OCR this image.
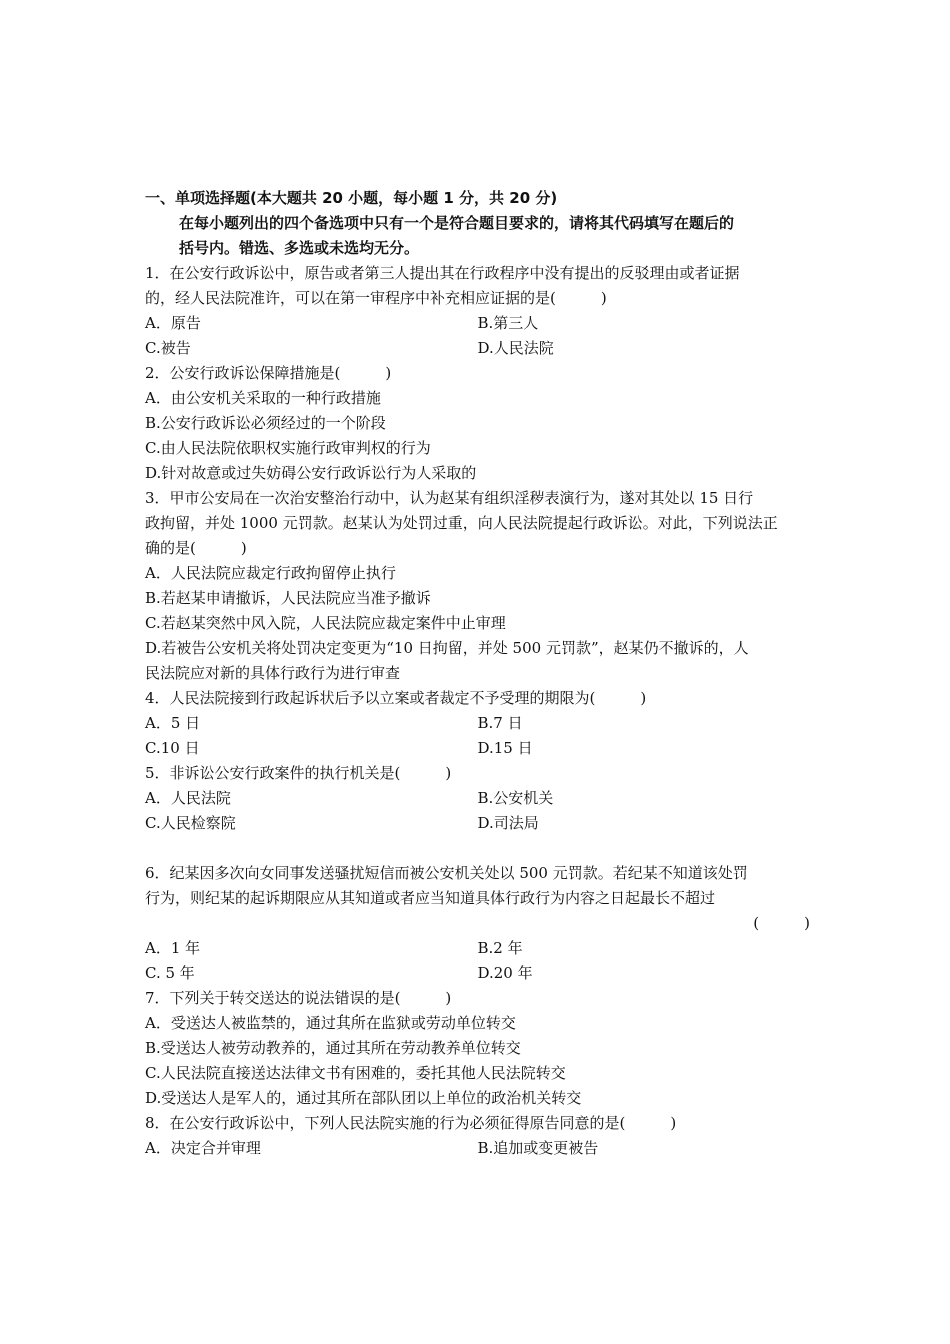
一、单项选择题(本大题共 20 小题，每小题 1 分，共 20 分)
在每小题列出的四个备选项中只有一个是符合题目要求的，请将其代码填写在题后的
括号内。错选、多选或未选均无分。
1．在公安行政诉讼中，原告或者第三人提出其在行政程序中没有提出的反驳理由或者证据
的，经人民法院准许，可以在第一审程序中补充相应证据的是(　　　)
A．原告	B.第三人
C.被告	D.人民法院
2．公安行政诉讼保障措施是(　　　)
A．由公安机关采取的一种行政措施
B.公安行政诉讼必须经过的一个阶段
C.由人民法院依职权实施行政审判权的行为
D.针对故意或过失妨碍公安行政诉讼行为人采取的
3．甲市公安局在一次治安整治行动中，认为赵某有组织淫秽表演行为，遂对其处以 15 日行
政拘留，并处 1000 元罚款。赵某认为处罚过重，向人民法院提起行政诉讼。对此，下列说法正
确的是(　　　)
A．人民法院应裁定行政拘留停止执行
B.若赵某申请撤诉，人民法院应当准予撤诉
C.若赵某突然中风入院，人民法院应裁定案件中止审理
D.若被告公安机关将处罚决定变更为“10 日拘留，并处 500 元罚款”，赵某仍不撤诉的，人
民法院应对新的具体行政行为进行审查
4．人民法院接到行政起诉状后予以立案或者裁定不予受理的期限为(　　　)
A．5 日	B.7 日
C.10 日	D.15 日
5．非诉讼公安行政案件的执行机关是(　　　)
A．人民法院	B.公安机关
C.人民检察院	D.司法局
6．纪某因多次向女同事发送骚扰短信而被公安机关处以 500 元罚款。若纪某不知道该处罚
行为，则纪某的起诉期限应从其知道或者应当知道具体行政行为内容之日起最长不超过
(　　　)
A．1 年	B.2 年
C. 5 年	D.20 年
7．下列关于转交送达的说法错误的是(　　　)
A．受送达人被监禁的，通过其所在监狱或劳动单位转交
B.受送达人被劳动教养的，通过其所在劳动教养单位转交
C.人民法院直接送达法律文书有困难的，委托其他人民法院转交
D.受送达人是军人的，通过其所在部队团以上单位的政治机关转交
8．在公安行政诉讼中，下列人民法院实施的行为必须征得原告同意的是(　　　)
A．决定合并审理	B.追加或变更被告
